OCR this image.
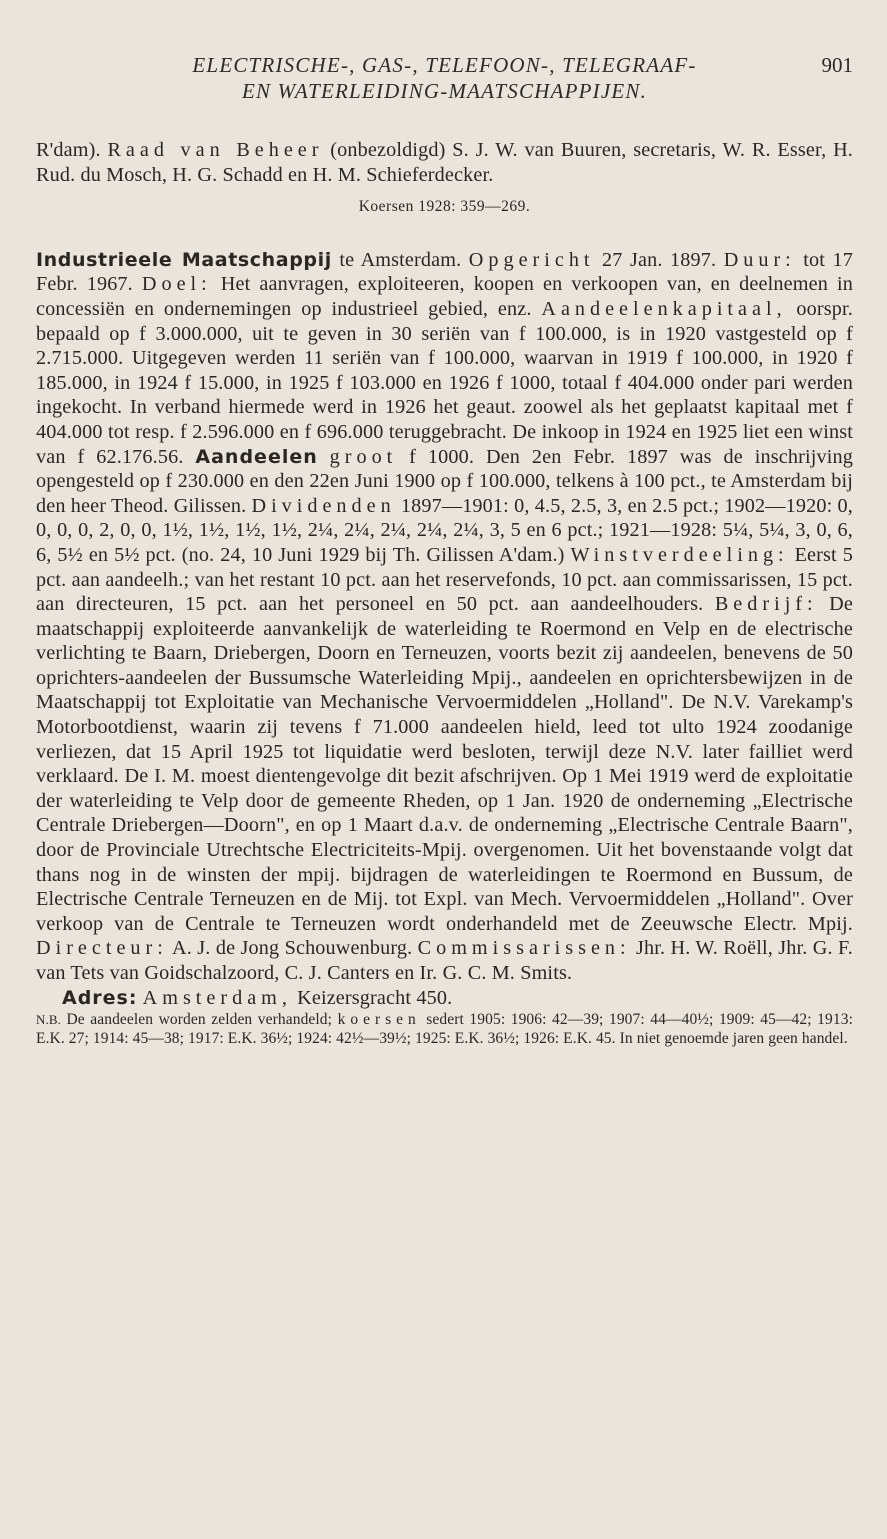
ELECTRISCHE-, GAS-, TELEFOON-, TELEGRAAF-
EN WATERLEIDING-MAATSCHAPPIJEN.
901

R'dam). Raad van Beheer (onbezoldigd) S. J. W. van Buuren, secretaris, W. R. Esser, H. Rud. du Mosch, H. G. Schadd en H. M. Schieferdecker.

Koersen 1928: 359—269.

Industrieele Maatschappij te Amsterdam. Opgericht 27 Jan. 1897. Duur: tot 17 Febr. 1967. Doel: Het aanvragen, exploiteeren, koopen en verkoopen van, en deelnemen in concessiën en ondernemingen op industrieel gebied, enz. Aandeelenkapitaal, oorspr. bepaald op f 3.000.000, uit te geven in 30 seriën van f 100.000, is in 1920 vastgesteld op f 2.715.000. Uitgegeven werden 11 seriën van f 100.000, waarvan in 1919 f 100.000, in 1920 f 185.000, in 1924 f 15.000, in 1925 f 103.000 en 1926 f 1000, totaal f 404.000 onder pari werden ingekocht. In verband hiermede werd in 1926 het geaut. zoowel als het geplaatst kapitaal met f 404.000 tot resp. f 2.596.000 en f 696.000 teruggebracht. De inkoop in 1924 en 1925 liet een winst van f 62.176.56. Aandeelen groot f 1000. Den 2en Febr. 1897 was de inschrijving opengesteld op f 230.000 en den 22en Juni 1900 op f 100.000, telkens à 100 pct., te Amsterdam bij den heer Theod. Gilissen. Dividenden 1897—1901: 0, 4.5, 2.5, 3, en 2.5 pct.; 1902—1920: 0, 0, 0, 0, 2, 0, 0, 1½, 1½, 1½, 1½, 2¼, 2¼, 2¼, 2¼, 2¼, 3, 5 en 6 pct.; 1921—1928: 5¼, 5¼, 3, 0, 6, 6, 5½ en 5½ pct. (no. 24, 10 Juni 1929 bij Th. Gilissen A'dam.) Winstverdeeling: Eerst 5 pct. aan aandeelh.; van het restant 10 pct. aan het reservefonds, 10 pct. aan commissarissen, 15 pct. aan directeuren, 15 pct. aan het personeel en 50 pct. aan aandeelhouders. Bedrijf: De maatschappij exploiteerde aanvankelijk de waterleiding te Roermond en Velp en de electrische verlichting te Baarn, Driebergen, Doorn en Terneuzen, voorts bezit zij aandeelen, benevens de 50 oprichters-aandeelen der Bussumsche Waterleiding Mpij., aandeelen en oprichtersbewijzen in de Maatschappij tot Exploitatie van Mechanische Vervoermiddelen „Holland". De N.V. Varekamp's Motorbootdienst, waarin zij tevens f 71.000 aandeelen hield, leed tot ulto 1924 zoodanige verliezen, dat 15 April 1925 tot liquidatie werd besloten, terwijl deze N.V. later failliet werd verklaard. De I. M. moest dientengevolge dit bezit afschrijven. Op 1 Mei 1919 werd de exploitatie der waterleiding te Velp door de gemeente Rheden, op 1 Jan. 1920 de onderneming „Electrische Centrale Driebergen—Doorn", en op 1 Maart d.a.v. de onderneming „Electrische Centrale Baarn", door de Provinciale Utrechtsche Electriciteits-Mpij. overgenomen. Uit het bovenstaande volgt dat thans nog in de winsten der mpij. bijdragen de waterleidingen te Roermond en Bussum, de Electrische Centrale Terneuzen en de Mij. tot Expl. van Mech. Vervoermiddelen „Holland". Over verkoop van de Centrale te Terneuzen wordt onderhandeld met de Zeeuwsche Electr. Mpij. Directeur: A. J. de Jong Schouwenburg. Commissarissen: Jhr. H. W. Roëll, Jhr. G. F. van Tets van Goidschalzoord, C. J. Canters en Ir. G. C. M. Smits.

Adres: Amsterdam, Keizersgracht 450.

N.B. De aandeelen worden zelden verhandeld; koersen sedert 1905: 1906: 42—39; 1907: 44—40½; 1909: 45—42; 1913: E.K. 27; 1914: 45—38; 1917: E.K. 36½; 1924: 42½—39½; 1925: E.K. 36½; 1926: E.K. 45. In niet genoemde jaren geen handel.
